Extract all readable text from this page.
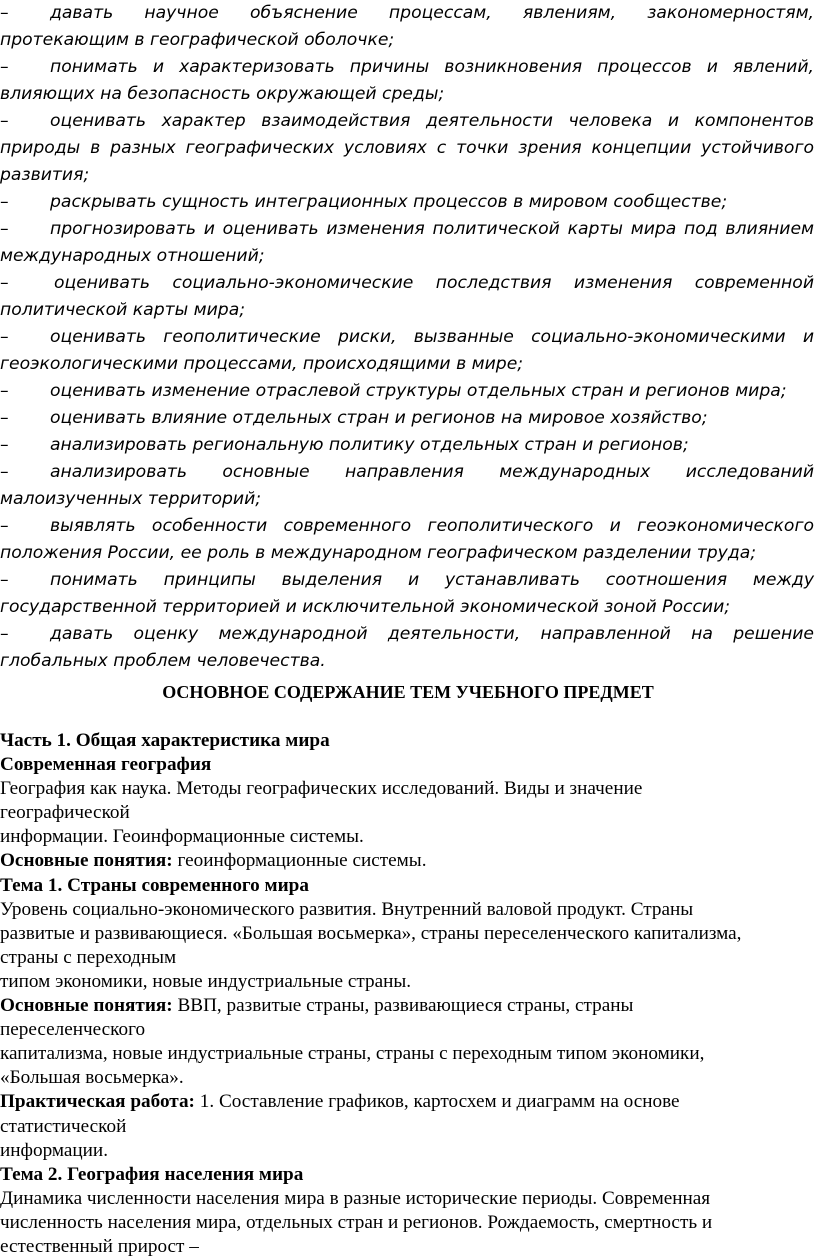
– давать научное объяснение процессам, явлениям, закономерностям, протекающим в географической оболочке;

– понимать и характеризовать причины возникновения процессов и явлений, влияющих на безопасность окружающей среды;

– оценивать характер взаимодействия деятельности человека и компонентов природы в разных географических условиях с точки зрения концепции устойчивого развития;

– раскрывать сущность интеграционных процессов в мировом сообществе;

– прогнозировать и оценивать изменения политической карты мира под влиянием международных отношений;

–	оценивать социально-экономические последствия изменения современной политической карты мира;

– оценивать геополитические риски, вызванные социально-экономическими и геоэкологическими процессами, происходящими в мире;

– оценивать изменение отраслевой структуры отдельных стран и регионов мира;

– оценивать влияние отдельных стран и регионов на мировое хозяйство;

– анализировать региональную политику отдельных стран и регионов;

– анализировать основные направления международных исследований малоизученных территорий;

– выявлять особенности современного геополитического и геоэкономического положения России, ее роль в международном географическом разделении труда;

– понимать принципы выделения и устанавливать соотношения между государственной территорией и исключительной экономической зоной России;

– давать оценку международной деятельности, направленной на решение глобальных проблем человечества.

ОСНОВНОЕ СОДЕРЖАНИЕ ТЕМ УЧЕБНОГО ПРЕДМЕТ

Часть 1. Общая характеристика мира

Современная география

География как наука. Методы географических исследований. Виды и значение

географической

информации. Геоинформационные системы.

Основные понятия: геоинформационные системы.

Тема 1. Страны современного мира

Уровень социально-экономического развития. Внутренний валовой продукт. Страны

развитые и развивающиеся. «Большая восьмерка», страны переселенческого капитализма,

страны с переходным

типом экономики, новые индустриальные страны.

Основные понятия: ВВП, развитые страны, развивающиеся страны, страны

переселенческого

капитализма, новые индустриальные страны, страны с переходным типом экономики,

«Большая восьмерка».

Практическая работа: 1. Составление графиков, картосхем и диаграмм на основе

статистической

информации.

Тема 2. География населения мира

Динамика численности населения мира в разные исторические периоды. Современная

численность населения мира, отдельных стран и регионов. Рождаемость, смертность и

естественный прирост –
